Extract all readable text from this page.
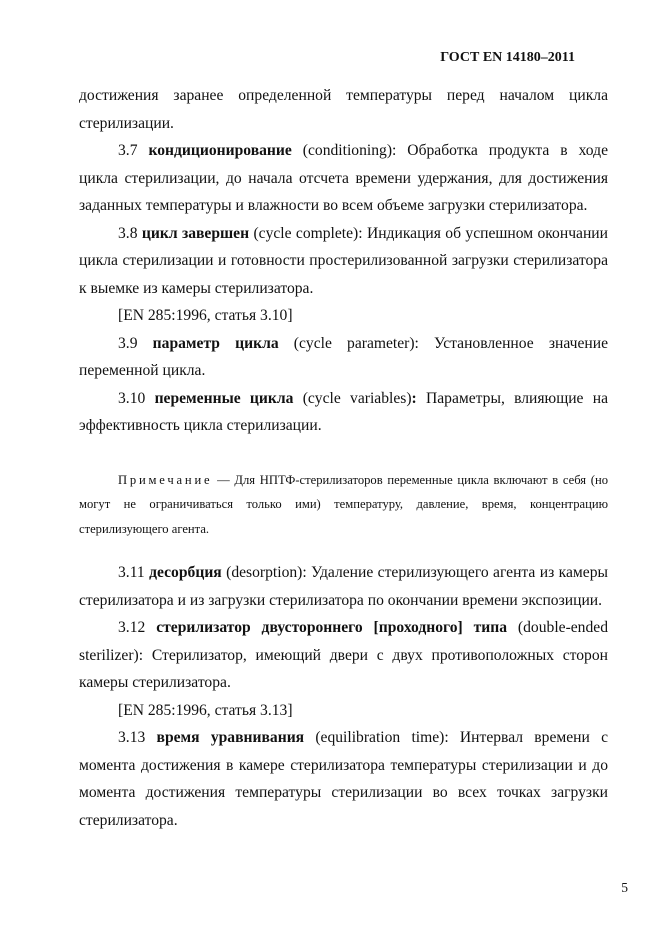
ГОСТ EN 14180–2011

достижения заранее определенной температуры перед началом цикла стерилизации.

3.7 кондиционирование (conditioning): Обработка продукта в ходе цикла стерилизации, до начала отсчета времени удержания, для достижения заданных температуры и влажности во всем объеме загрузки стерилизатора.

3.8 цикл завершен (cycle complete): Индикация об успешном окончании цикла стерилизации и готовности простерилизованной загрузки стерилизатора к выемке из камеры стерилизатора.

[EN 285:1996, статья 3.10]

3.9 параметр цикла (cycle parameter): Установленное значение переменной цикла.

3.10 переменные цикла (cycle variables): Параметры, влияющие на эффективность цикла стерилизации.

Примечание — Для НПТФ-стерилизаторов переменные цикла включают в себя (но могут не ограничиваться только ими) температуру, давление, время, концентрацию стерилизующего агента.

3.11 десорбция (desorption): Удаление стерилизующего агента из камеры стерилизатора и из загрузки стерилизатора по окончании времени экспозиции.

3.12 стерилизатор двустороннего [проходного] типа (double-ended sterilizer): Стерилизатор, имеющий двери с двух противоположных сторон камеры стерилизатора.

[EN 285:1996, статья 3.13]

3.13 время уравнивания (equilibration time): Интервал времени с момента достижения в камере стерилизатора температуры стерилизации и до момента достижения температуры стерилизации во всех точках загрузки стерилизатора.

5
